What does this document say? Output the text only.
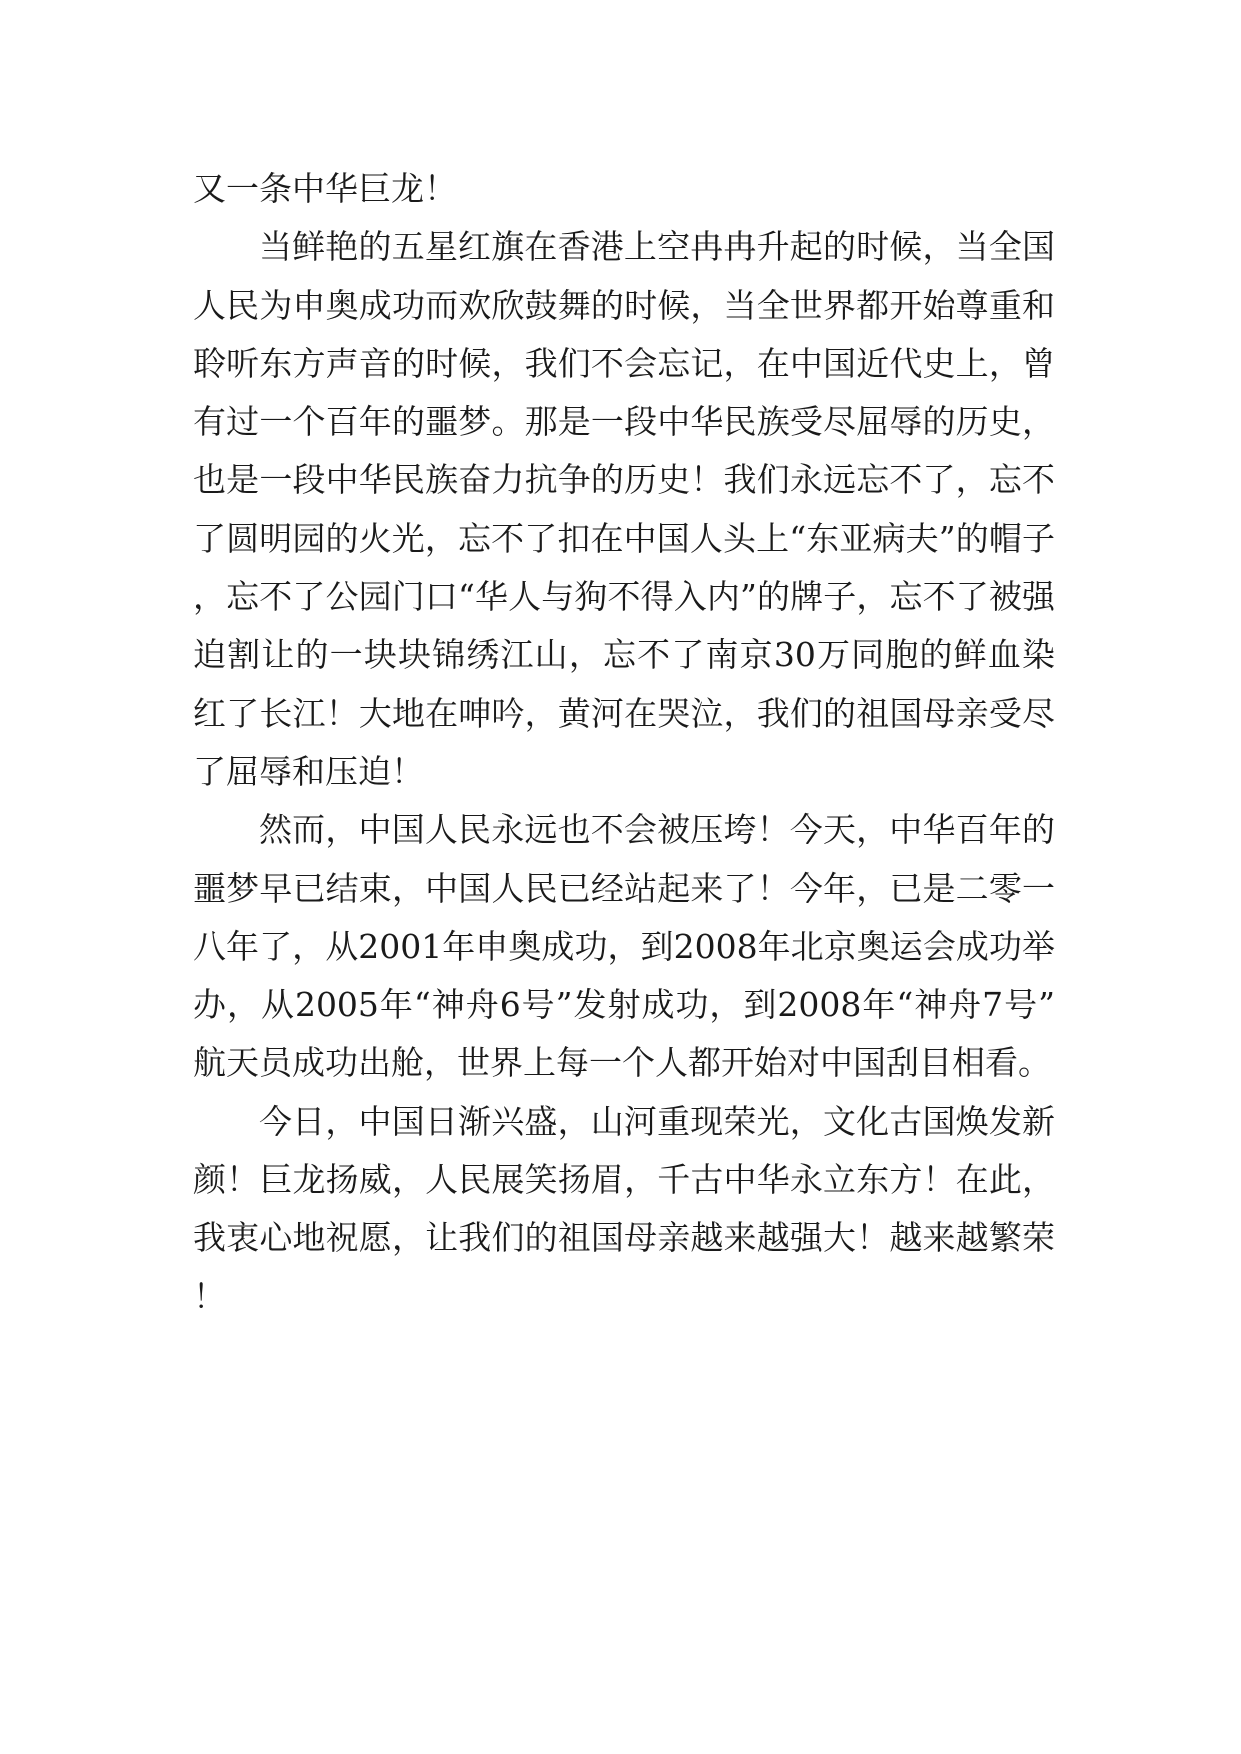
又一条中华巨龙！

当鲜艳的五星红旗在香港上空冉冉升起的时候，当全国人民为申奥成功而欢欣鼓舞的时候，当全世界都开始尊重和聆听东方声音的时候，我们不会忘记，在中国近代史上，曾有过一个百年的噩梦。那是一段中华民族受尽屈辱的历史，也是一段中华民族奋力抗争的历史！我们永远忘不了，忘不了圆明园的火光，忘不了扣在中国人头上“东亚病夫”的帽子，忘不了公园门口“华人与狗不得入内”的牌子，忘不了被强迫割让的一块块锦绣江山，忘不了南京30万同胞的鲜血染红了长江！大地在呻吟，黄河在哭泣，我们的祖国母亲受尽了屈辱和压迫！

然而，中国人民永远也不会被压垮！今天，中华百年的噩梦早已结束，中国人民已经站起来了！今年，已是二零一八年了，从2001年申奥成功，到2008年北京奥运会成功举办，从2005年“神舟6号”发射成功，到2008年“神舟7号”航天员成功出舱，世界上每一个人都开始对中国刮目相看。

今日，中国日渐兴盛，山河重现荣光，文化古国焕发新颜！巨龙扬威，人民展笑扬眉，千古中华永立东方！在此，我衷心地祝愿，让我们的祖国母亲越来越强大！越来越繁荣！
